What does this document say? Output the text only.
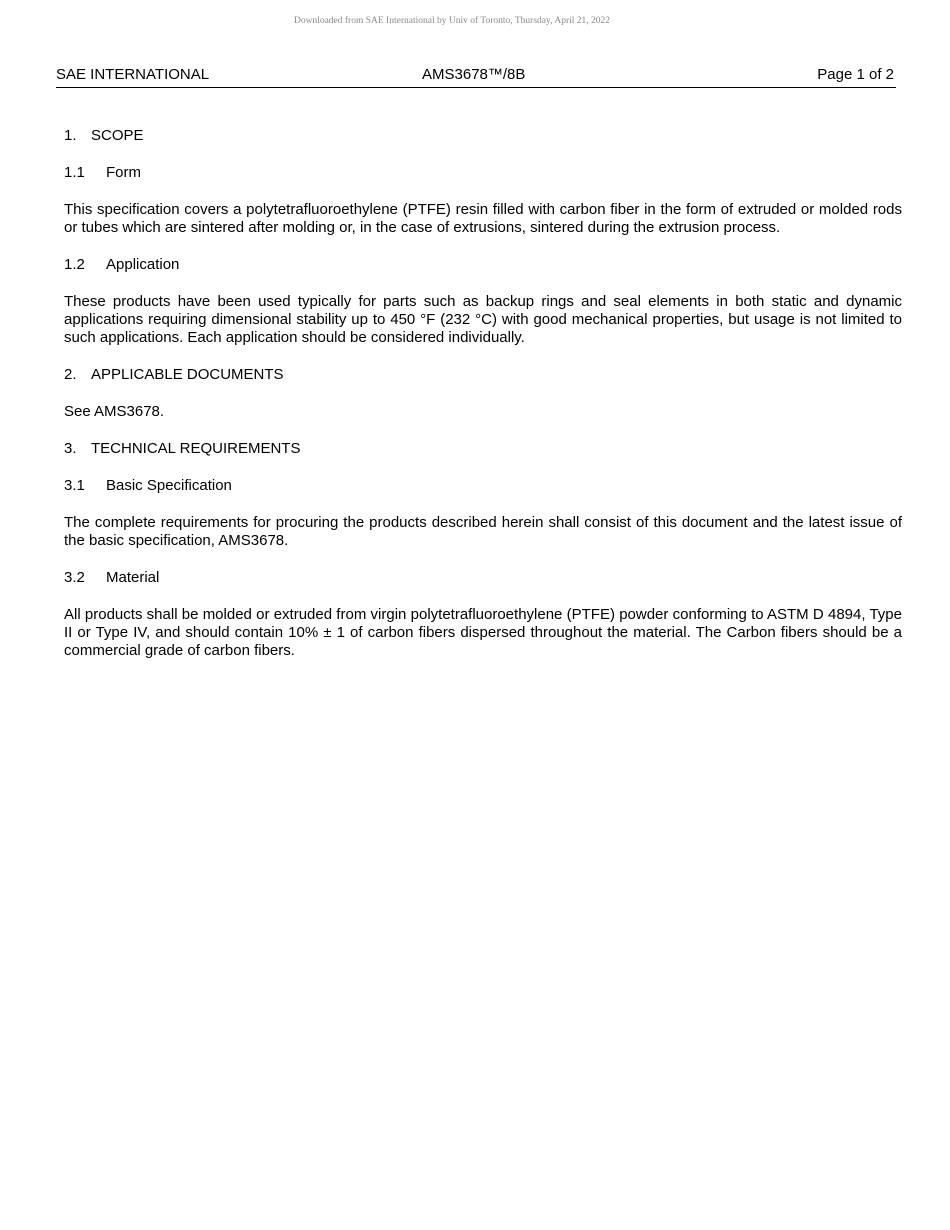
Downloaded from SAE International by Univ of Toronto, Thursday, April 21, 2022
SAE INTERNATIONAL	AMS3678™/8B	Page 1 of 2
1. SCOPE
1.1 Form

This specification covers a polytetrafluoroethylene (PTFE) resin filled with carbon fiber in the form of extruded or molded rods or tubes which are sintered after molding or, in the case of extrusions, sintered during the extrusion process.

1.2 Application

These products have been used typically for parts such as backup rings and seal elements in both static and dynamic applications requiring dimensional stability up to 450 °F (232 °C) with good mechanical properties, but usage is not limited to such applications. Each application should be considered individually.

2. APPLICABLE DOCUMENTS

See AMS3678.

3. TECHNICAL REQUIREMENTS
3.1 Basic Specification

The complete requirements for procuring the products described herein shall consist of this document and the latest issue of the basic specification, AMS3678.

3.2 Material

All products shall be molded or extruded from virgin polytetrafluoroethylene (PTFE) powder conforming to ASTM D 4894, Type II or Type IV, and should contain 10% ± 1 of carbon fibers dispersed throughout the material. The Carbon fibers should be a commercial grade of carbon fibers.
